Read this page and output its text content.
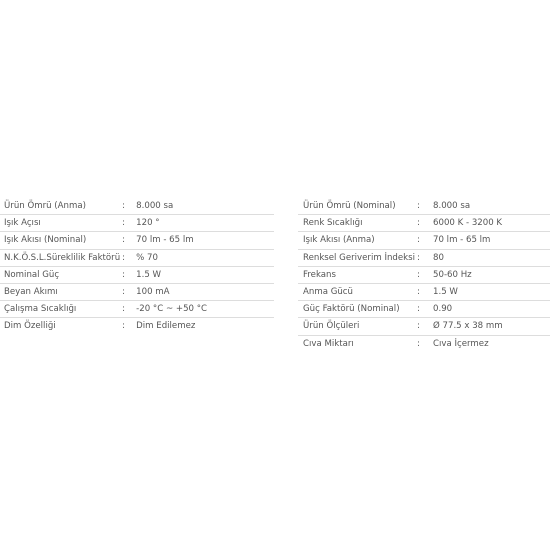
Ürün Ömrü (Anma)	:	8.000 sa
Işık Açısı	:	120 °
Işık Akısı (Nominal)	:	70 lm - 65 lm
N.K.Ö.S.L.Süreklilik Faktörü	:	% 70
Nominal Güç	:	1.5 W
Beyan Akımı	:	100 mA
Çalışma Sıcaklığı	:	-20 °C ~ +50 °C
Dim Özelliği	:	Dim Edilemez
Ürün Ömrü (Nominal)	:	8.000 sa
Renk Sıcaklığı	:	6000 K - 3200 K
Işık Akısı (Anma)	:	70 lm - 65 lm
Renksel Geriverim İndeksi	:	80
Frekans	:	50-60 Hz
Anma Gücü	:	1.5 W
Güç Faktörü (Nominal)	:	0.90
Ürün Ölçüleri	:	Ø 77.5 x 38 mm
Cıva Miktarı	:	Cıva İçermez
